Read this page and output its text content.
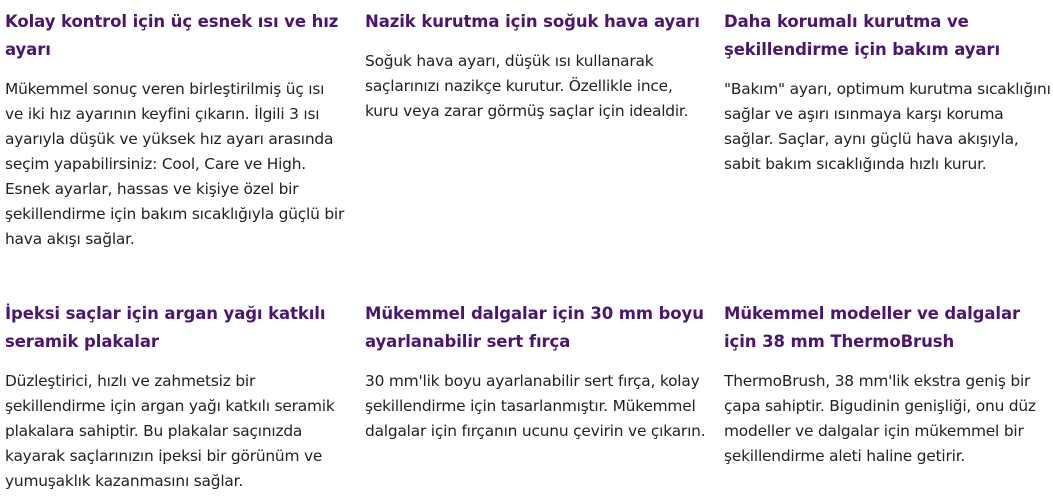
Kolay kontrol için üç esnek ısı ve hız ayarı

Mükemmel sonuç veren birleştirilmiş üç ısı ve iki hız ayarının keyfini çıkarın. İlgili 3 ısı ayarıyla düşük ve yüksek hız ayarı arasında seçim yapabilirsiniz: Cool, Care ve High. Esnek ayarlar, hassas ve kişiye özel bir şekillendirme için bakım sıcaklığıyla güçlü bir hava akışı sağlar.

Nazik kurutma için soğuk hava ayarı

Soğuk hava ayarı, düşük ısı kullanarak saçlarınızı nazikçe kurutur. Özellikle ince, kuru veya zarar görmüş saçlar için idealdir.

Daha korumalı kurutma ve şekillendirme için bakım ayarı

"Bakım" ayarı, optimum kurutma sıcaklığını sağlar ve aşırı ısınmaya karşı koruma sağlar. Saçlar, aynı güçlü hava akışıyla, sabit bakım sıcaklığında hızlı kurur.

İpeksi saçlar için argan yağı katkılı seramik plakalar

Düzleştirici, hızlı ve zahmetsiz bir şekillendirme için argan yağı katkılı seramik plakalara sahiptir. Bu plakalar saçınızda kayarak saçlarınızın ipeksi bir görünüm ve yumuşaklık kazanmasını sağlar.

Mükemmel dalgalar için 30 mm boyu ayarlanabilir sert fırça

30 mm'lik boyu ayarlanabilir sert fırça, kolay şekillendirme için tasarlanmıştır. Mükemmel dalgalar için fırçanın ucunu çevirin ve çıkarın.

Mükemmel modeller ve dalgalar için 38 mm ThermoBrush

ThermoBrush, 38 mm'lik ekstra geniş bir çapa sahiptir. Bigudinin genişliği, onu düz modeller ve dalgalar için mükemmel bir şekillendirme aleti haline getirir.
